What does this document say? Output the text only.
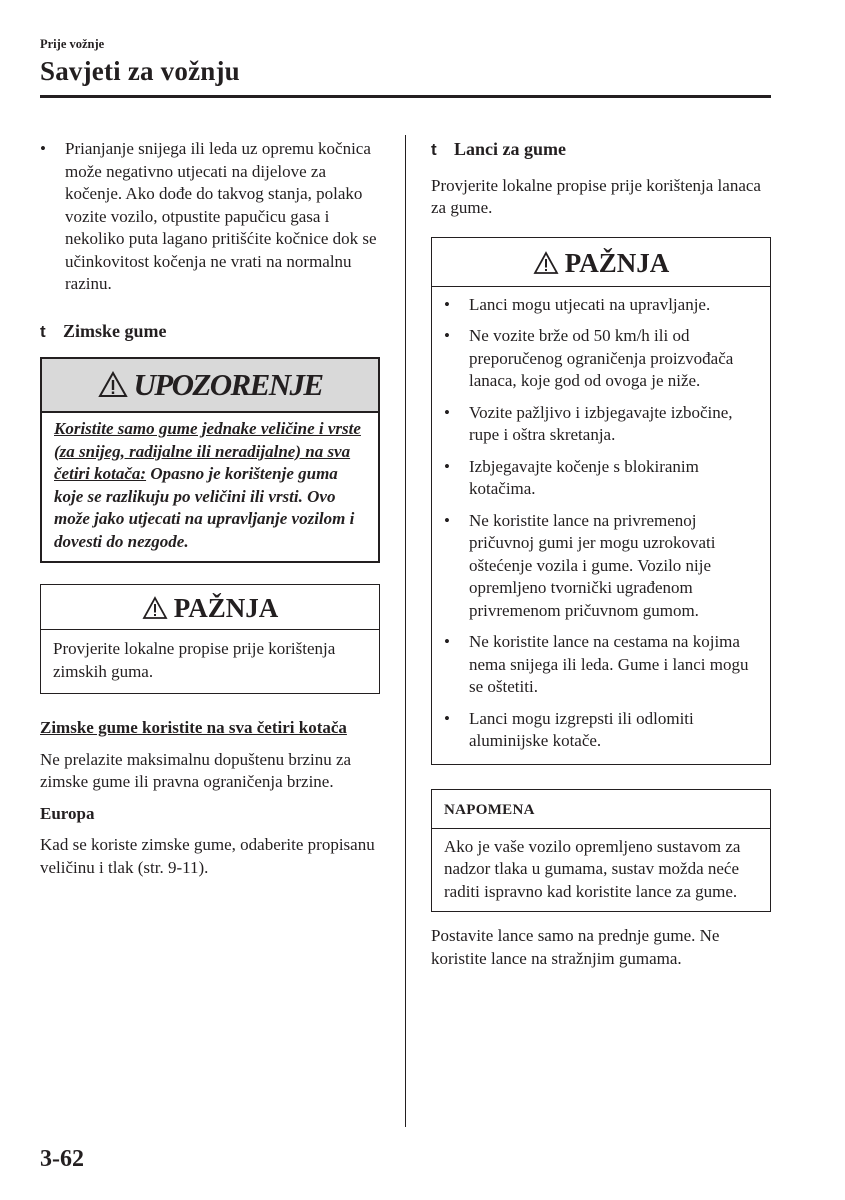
Prije vožnje
Savjeti za vožnju
• Prianjanje snijega ili leda uz opremu kočnica može negativno utjecati na dijelove za kočenje. Ako dođe do takvog stanja, polako vozite vozilo, otpustite papučicu gasa i nekoliko puta lagano pritišćite kočnice dok se učinkovitost kočenja ne vrati na normalnu razinu.
t Zimske gume
UPOZORENJE
Koristite samo gume jednake veličine i vrste (za snijeg, radijalne ili neradijalne) na sva četiri kotača: Opasno je korištenje guma koje se razlikuju po veličini ili vrsti. Ovo može jako utjecati na upravljanje vozilom i dovesti do nezgode.
PAŽNJA

Provjerite lokalne propise prije korištenja zimskih guma.

Zimske gume koristite na sva četiri kotača

Ne prelazite maksimalnu dopuštenu brzinu za zimske gume ili pravna ograničenja brzine.

Europa

Kad se koriste zimske gume, odaberite propisanu veličinu i tlak (str. 9-11).

t Lanci za gume

Provjerite lokalne propise prije korištenja lanaca za gume.

PAŽNJA
• Lanci mogu utjecati na upravljanje.
• Ne vozite brže od 50 km/h ili od preporučenog ograničenja proizvođača lanaca, koje god od ovoga je niže.
• Vozite pažljivo i izbjegavajte izbočine, rupe i oštra skretanja.
• Izbjegavajte kočenje s blokiranim kotačima.
• Ne koristite lance na privremenoj pričuvnoj gumi jer mogu uzrokovati oštećenje vozila i gume. Vozilo nije opremljeno tvornički ugrađenom privremenom pričuvnom gumom.
• Ne koristite lance na cestama na kojima nema snijega ili leda. Gume i lanci mogu se oštetiti.
• Lanci mogu izgrepsti ili odlomiti aluminijske kotače.
NAPOMENA

Ako je vaše vozilo opremljeno sustavom za nadzor tlaka u gumama, sustav možda neće raditi ispravno kad koristite lance za gume.

Postavite lance samo na prednje gume. Ne koristite lance na stražnjim gumama.

3-62
